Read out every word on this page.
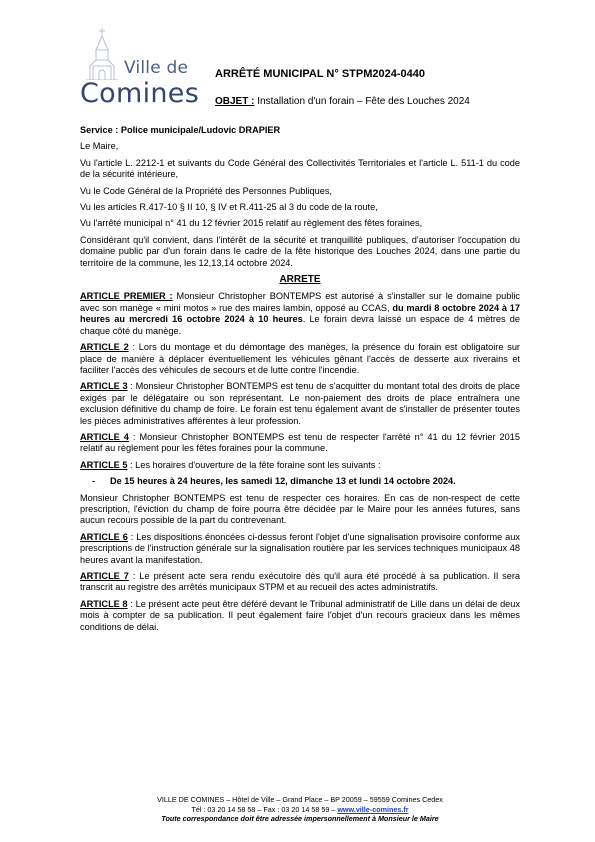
Ville de
Comines
ARRÊTÉ MUNICIPAL N° STPM2024-0440
OBJET : Installation d'un forain – Fête des Louches 2024

Service : Police municipale/Ludovic DRAPIER

Le Maire,

Vu l'article L. 2212-1 et suivants du Code Général des Collectivités Territoriales et l'article L. 511-1 du code de la sécurité intérieure,

Vu le Code Général de la Propriété des Personnes Publiques,

Vu les articles R.417-10 § II 10, § IV et R.411-25 al 3 du code de la route,

Vu l'arrêté municipal n° 41 du 12 février 2015 relatif au règlement des fêtes foraines,

Considérant qu'il convient, dans l'intérêt de la sécurité et tranquillité publiques, d'autoriser l'occupation du domaine public par d'un forain dans le cadre de la fête historique des Louches 2024, dans une partie du territoire de la commune, les 12,13,14 octobre 2024.

ARRETE

ARTICLE PREMIER : Monsieur Christopher BONTEMPS est autorisé à s'installer sur le domaine public avec son manège « mini motos » rue des maires lambin, opposé au CCAS, du mardi 8 octobre 2024 à 17 heures au mercredi 16 octobre 2024 à 10 heures. Le forain devra laissé un espace de 4 mètres de chaque côté du manège.

ARTICLE 2 : Lors du montage et du démontage des manèges, la présence du forain est obligatoire sur place de manière à déplacer éventuellement les véhicules gênant l'accès de desserte aux riverains et faciliter l'accès des véhicules de secours et de lutte contre l'incendie.

ARTICLE 3 : Monsieur Christopher BONTEMPS est tenu de s'acquitter du montant total des droits de place exigés par le délégataire ou son représentant. Le non-paiement des droits de place entraînera une exclusion définitive du champ de foire. Le forain est tenu également avant de s'installer de présenter toutes les pièces administratives afférentes à leur profession.

ARTICLE 4 : Monsieur Christopher BONTEMPS est tenu de respecter l'arrêté n° 41 du 12 février 2015 relatif au règlement pour les fêtes foraines pour la commune.

ARTICLE 5 : Les horaires d'ouverture de la fête foraine sont les suivants :

- De 15 heures à 24 heures, les samedi 12, dimanche 13 et lundi 14 octobre 2024.

Monsieur Christopher BONTEMPS est tenu de respecter ces horaires. En cas de non-respect de cette prescription, l'éviction du champ de foire pourra être décidée par le Maire pour les années futures, sans aucun recours possible de la part du contrevenant.

ARTICLE 6 : Les dispositions énoncées ci-dessus feront l'objet d'une signalisation provisoire conforme aux prescriptions de l'instruction générale sur la signalisation routière par les services techniques municipaux 48 heures avant la manifestation.

ARTICLE 7 : Le présent acte sera rendu exécutoire dès qu'il aura été procédé à sa publication. Il sera transcrit au registre des arrêtés municipaux STPM et au recueil des actes administratifs.

ARTICLE 8 : Le présent acte peut être déféré devant le Tribunal administratif de Lille dans un délai de deux mois à compter de sa publication. Il peut également faire l'objet d'un recours gracieux dans les mêmes conditions de délai.

VILLE DE COMINES – Hôtel de Ville – Grand Place – BP 20059 – 59559 Comines Cedex
Tél : 03 20 14 58 58 – Fax : 03 20 14 58 59 – www.ville-comines.fr
Toute correspondance doit être adressée impersonnellement à Monsieur le Maire
